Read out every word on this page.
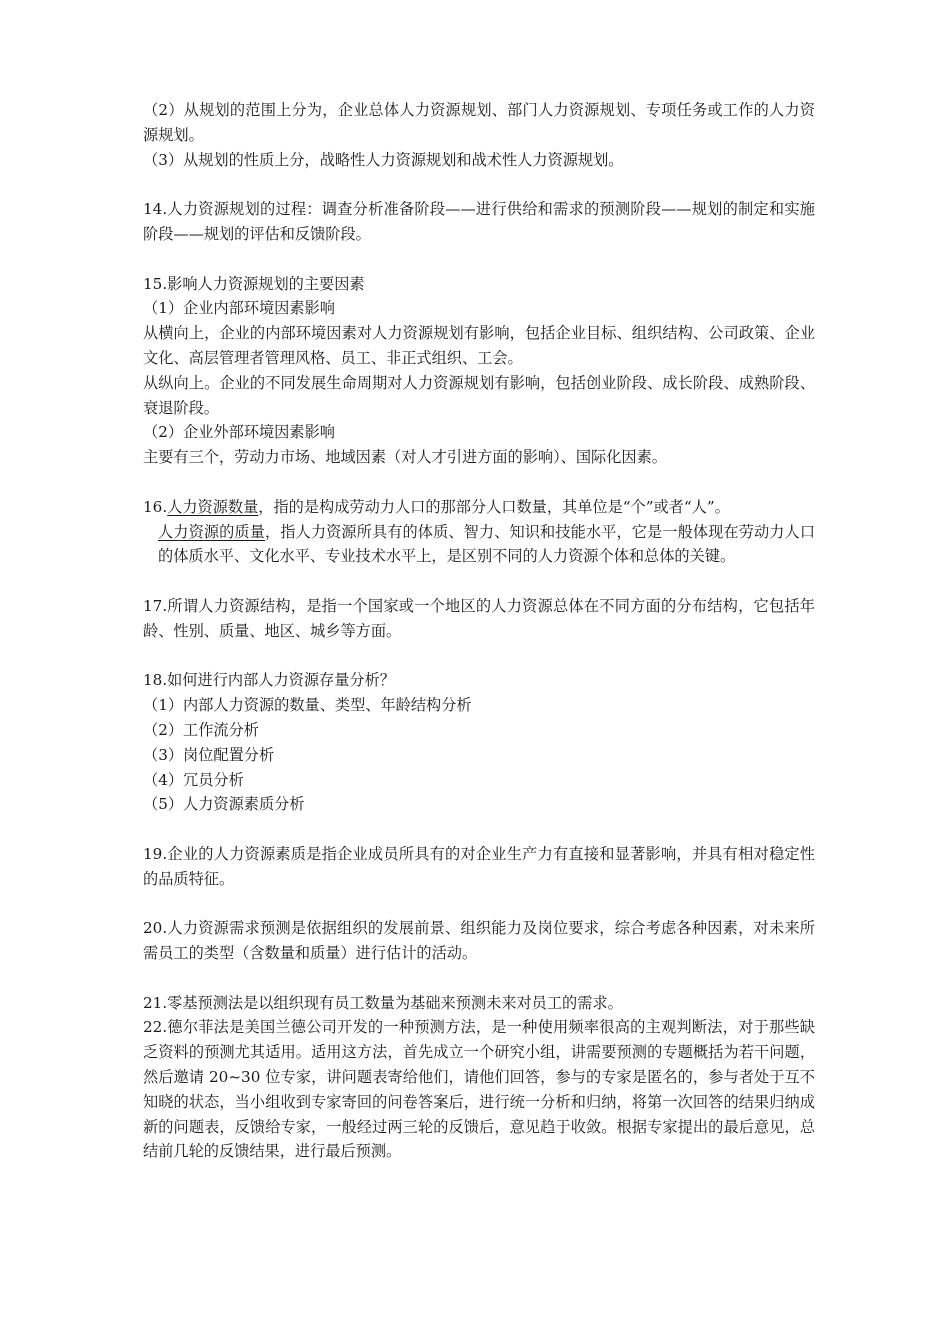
（2）从规划的范围上分为，企业总体人力资源规划、部门人力资源规划、专项任务或工作的人力资源规划。

（3）从规划的性质上分，战略性人力资源规划和战术性人力资源规划。

14.人力资源规划的过程：调查分析准备阶段——进行供给和需求的预测阶段——规划的制定和实施阶段——规划的评估和反馈阶段。

15.影响人力资源规划的主要因素

（1）企业内部环境因素影响

从横向上，企业的内部环境因素对人力资源规划有影响，包括企业目标、组织结构、公司政策、企业文化、高层管理者管理风格、员工、非正式组织、工会。

从纵向上。企业的不同发展生命周期对人力资源规划有影响，包括创业阶段、成长阶段、成熟阶段、衰退阶段。

（2）企业外部环境因素影响

主要有三个，劳动力市场、地域因素（对人才引进方面的影响）、国际化因素。

16.人力资源数量，指的是构成劳动力人口的那部分人口数量，其单位是“个”或者“人”。

人力资源的质量，指人力资源所具有的体质、智力、知识和技能水平，它是一般体现在劳动力人口的体质水平、文化水平、专业技术水平上，是区别不同的人力资源个体和总体的关键。

17.所谓人力资源结构，是指一个国家或一个地区的人力资源总体在不同方面的分布结构，它包括年龄、性别、质量、地区、城乡等方面。

18.如何进行内部人力资源存量分析？

（1）内部人力资源的数量、类型、年龄结构分析

（2）工作流分析

（3）岗位配置分析

（4）冗员分析

（5）人力资源素质分析

19.企业的人力资源素质是指企业成员所具有的对企业生产力有直接和显著影响，并具有相对稳定性的品质特征。

20.人力资源需求预测是依据组织的发展前景、组织能力及岗位要求，综合考虑各种因素，对未来所需员工的类型（含数量和质量）进行估计的活动。

21.零基预测法是以组织现有员工数量为基础来预测未来对员工的需求。

22.德尔菲法是美国兰德公司开发的一种预测方法，是一种使用频率很高的主观判断法，对于那些缺乏资料的预测尤其适用。适用这方法，首先成立一个研究小组，讲需要预测的专题概括为若干问题，然后邀请 20~30 位专家，讲问题表寄给他们，请他们回答，参与的专家是匿名的，参与者处于互不知晓的状态，当小组收到专家寄回的问卷答案后，进行统一分析和归纳，将第一次回答的结果归纳成新的问题表，反馈给专家，一般经过两三轮的反馈后，意见趋于收敛。根据专家提出的最后意见，总结前几轮的反馈结果，进行最后预测。
